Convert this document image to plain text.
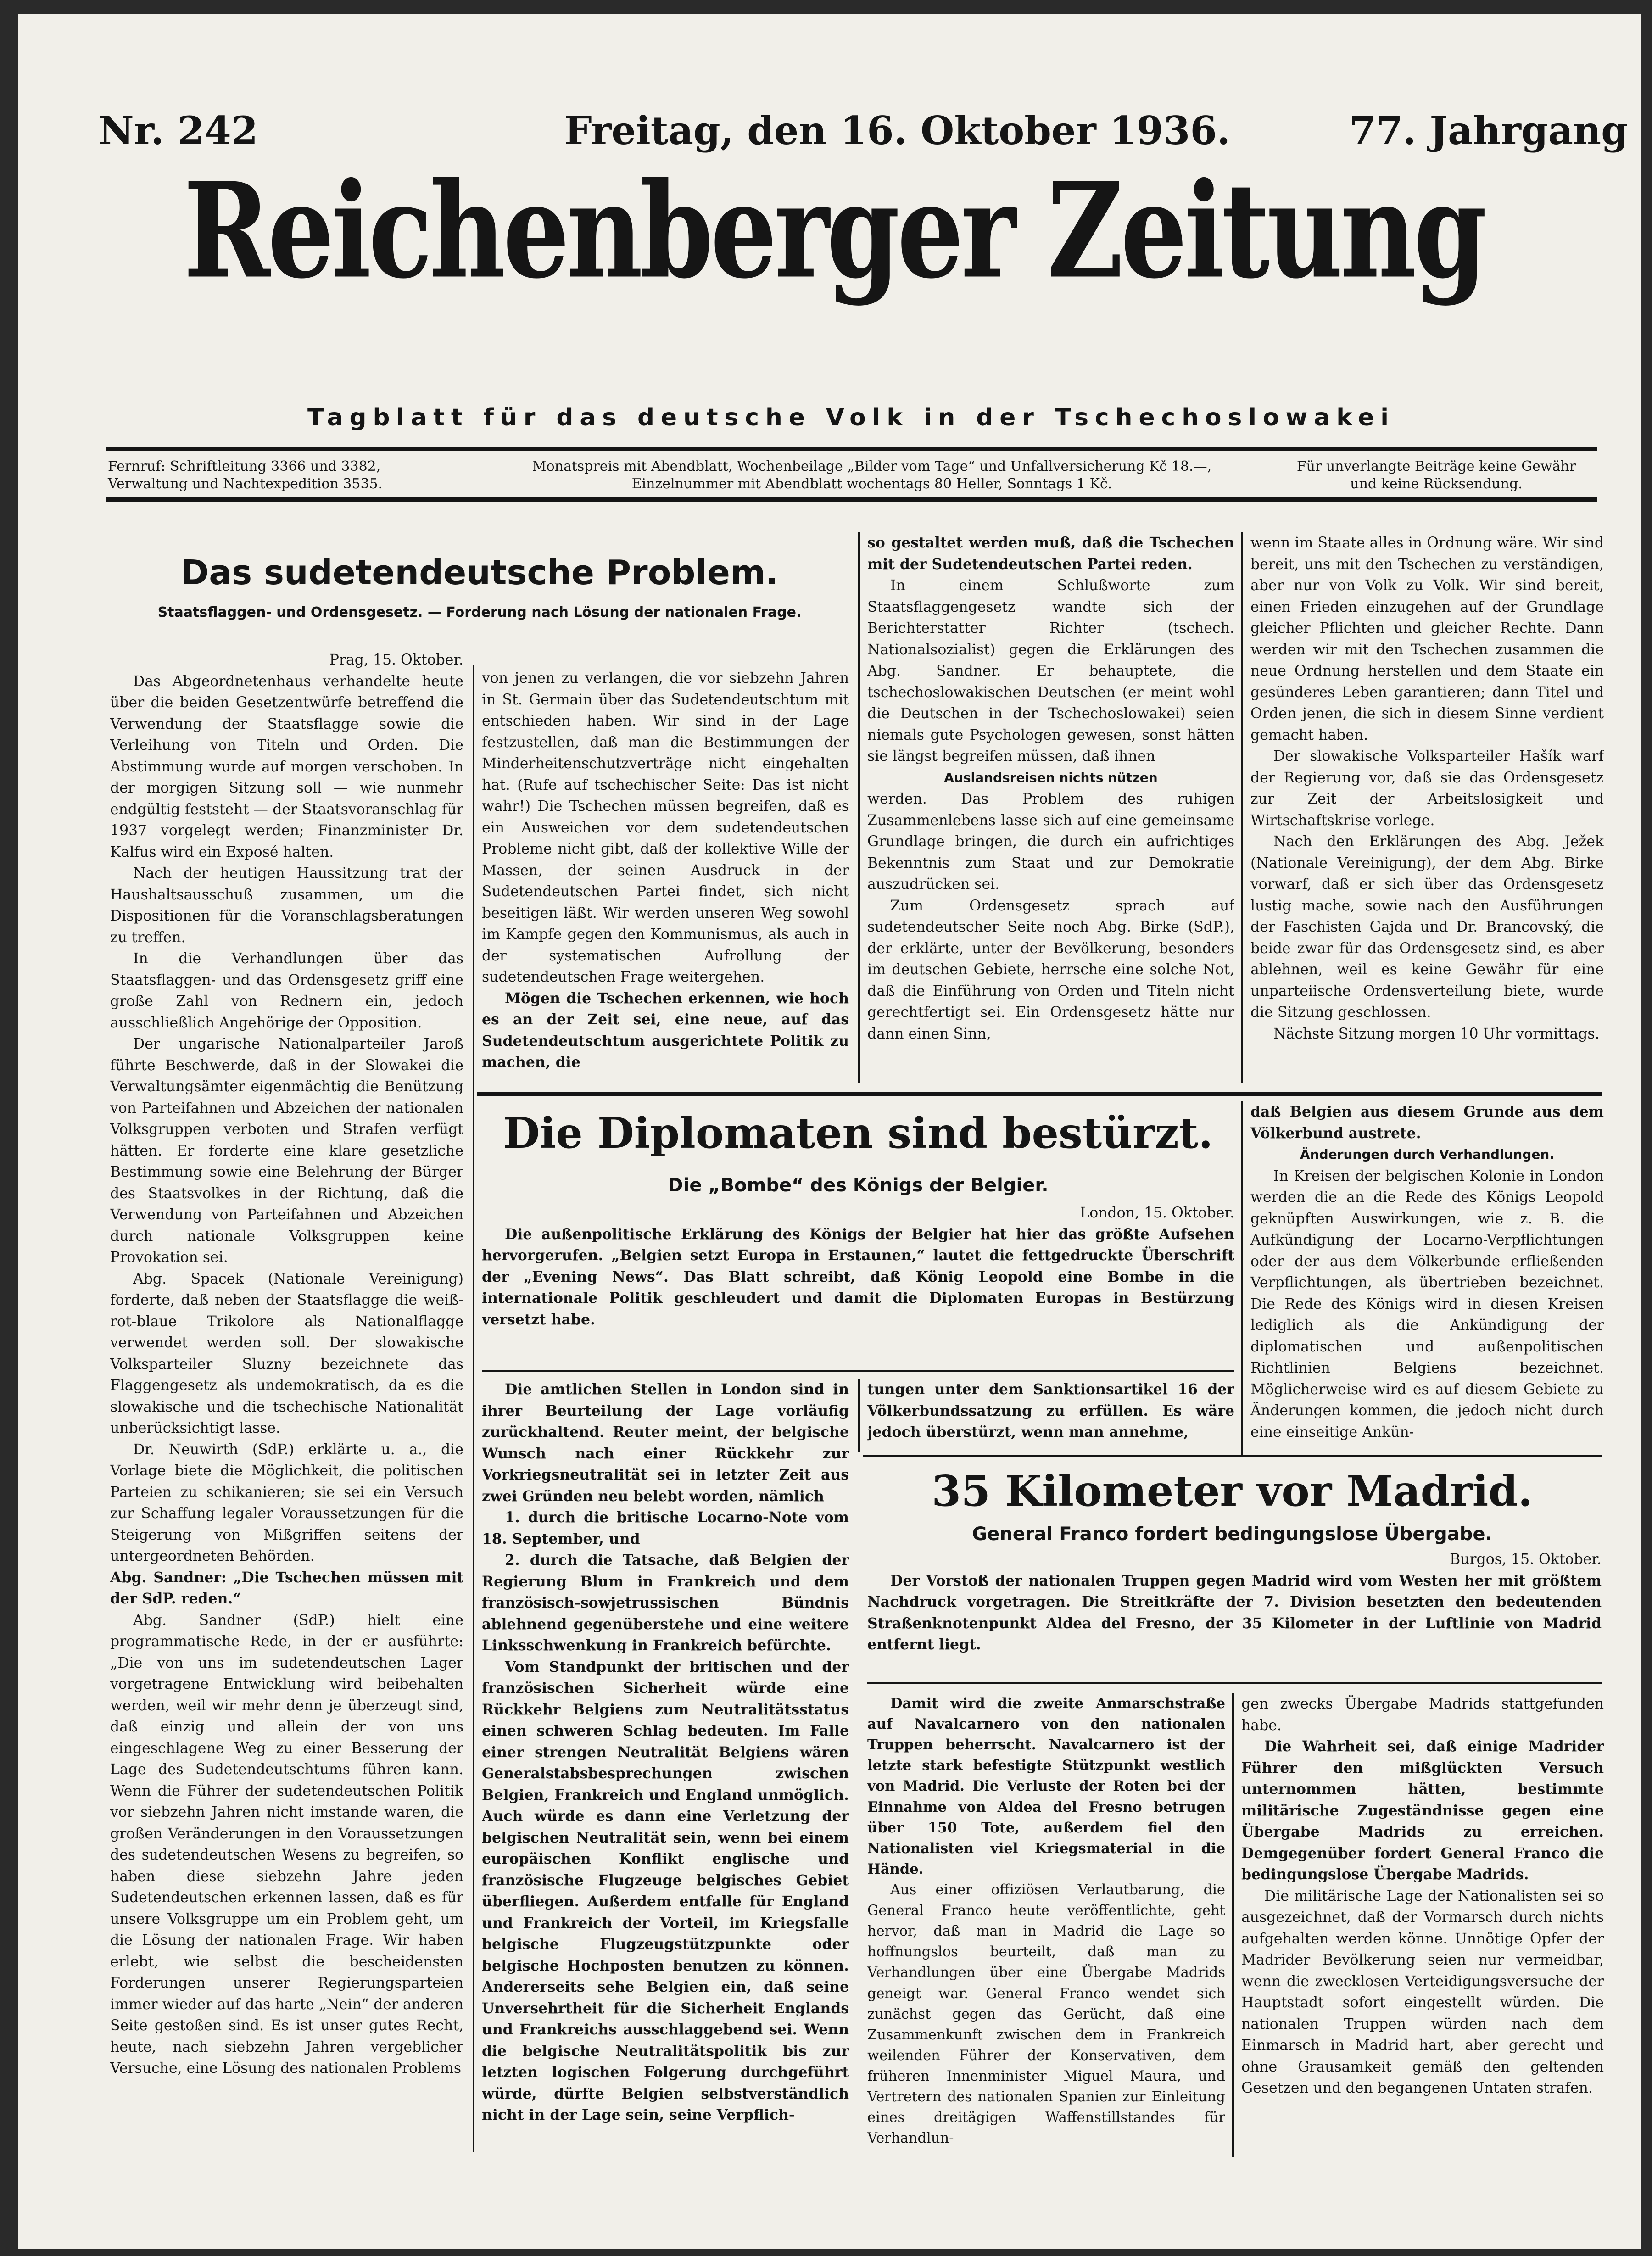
Nr. 242	Freitag, den 16. Oktober 1936.	77. Jahrgang
Reichenberger Zeitung
Tagblatt für das deutsche Volk in der Tschechoslowakei
Fernruf: Schriftleitung 3366 und 3382,
Verwaltung und Nachtexpedition 3535.
Monatspreis mit Abendblatt, Wochenbeilage „Bilder vom Tage“ und Unfallversicherung Kč 18.—,
Einzelnummer mit Abendblatt wochentags 80 Heller, Sonntags 1 Kč.
Für unverlangte Beiträge keine Gewähr
und keine Rücksendung.
Das sudetendeutsche Problem.
Staatsflaggen- und Ordensgesetz. — Forderung nach Lösung der nationalen Frage.

Prag, 15. Oktober.

Das Abgeordnetenhaus verhandelte heute über die beiden Gesetzentwürfe betreffend die Verwendung der Staatsflagge sowie die Verleihung von Titeln und Orden. Die Abstimmung wurde auf morgen verschoben. In der morgigen Sitzung soll — wie nunmehr endgültig feststeht — der Staatsvoranschlag für 1937 vorgelegt werden; Finanzminister Dr. Kalfus wird ein Exposé halten.

Nach der heutigen Haussitzung trat der Haushaltsausschuß zusammen, um die Dispositionen für die Voranschlagsberatungen zu treffen.

In die Verhandlungen über das Staatsflaggen- und das Ordensgesetz griff eine große Zahl von Rednern ein, jedoch ausschließlich Angehörige der Opposition.

Der ungarische Nationalparteiler Jaroß führte Beschwerde, daß in der Slowakei die Verwaltungsämter eigenmächtig die Benützung von Parteifahnen und Abzeichen der nationalen Volksgruppen verboten und Strafen verfügt hätten. Er forderte eine klare gesetzliche Bestimmung sowie eine Belehrung der Bürger des Staatsvolkes in der Richtung, daß die Verwendung von Parteifahnen und Abzeichen durch nationale Volksgruppen keine Provokation sei.

Abg. Spacek (Nationale Vereinigung) forderte, daß neben der Staatsflagge die weiß-rot-blaue Trikolore als Nationalflagge verwendet werden soll. Der slowakische Volksparteiler Sluzny bezeichnete das Flaggengesetz als undemokratisch, da es die slowakische und die tschechische Nationalität unberücksichtigt lasse.

Dr. Neuwirth (SdP.) erklärte u. a., die Vorlage biete die Möglichkeit, die politischen Parteien zu schikanieren; sie sei ein Versuch zur Schaffung legaler Voraussetzungen für die Steigerung von Mißgriffen seitens der untergeordneten Behörden.

Abg. Sandner: „Die Tschechen müssen mit der SdP. reden.“

Abg. Sandner (SdP.) hielt eine programmatische Rede, in der er ausführte: „Die von uns im sudetendeutschen Lager vorgetragene Entwicklung wird beibehalten werden, weil wir mehr denn je überzeugt sind, daß einzig und allein der von uns eingeschlagene Weg zu einer Besserung der Lage des Sudetendeutschtums führen kann. Wenn die Führer der sudetendeutschen Politik vor siebzehn Jahren nicht imstande waren, die großen Veränderungen in den Voraussetzungen des sudetendeutschen Wesens zu begreifen, so haben diese siebzehn Jahre jeden Sudetendeutschen erkennen lassen, daß es für unsere Volksgruppe um ein Problem geht, um die Lösung der nationalen Frage. Wir haben erlebt, wie selbst die bescheidensten Forderungen unserer Regierungsparteien immer wieder auf das harte „Nein“ der anderen Seite gestoßen sind. Es ist unser gutes Recht, heute, nach siebzehn Jahren vergeblicher Versuche, eine Lösung des nationalen Problems

von jenen zu verlangen, die vor siebzehn Jahren in St. Germain über das Sudetendeutschtum mit entschieden haben. Wir sind in der Lage festzustellen, daß man die Bestimmungen der Minderheitenschutzverträge nicht eingehalten hat. (Rufe auf tschechischer Seite: Das ist nicht wahr!) Die Tschechen müssen begreifen, daß es ein Ausweichen vor dem sudetendeutschen Probleme nicht gibt, daß der kollektive Wille der Massen, der seinen Ausdruck in der Sudetendeutschen Partei findet, sich nicht beseitigen läßt. Wir werden unseren Weg sowohl im Kampfe gegen den Kommunismus, als auch in der systematischen Aufrollung der sudetendeutschen Frage weitergehen.

Mögen die Tschechen erkennen, wie hoch es an der Zeit sei, eine neue, auf das Sudetendeutschtum ausgerichtete Politik zu machen, die

so gestaltet werden muß, daß die Tschechen mit der Sudetendeutschen Partei reden.

In einem Schlußworte zum Staatsflaggengesetz wandte sich der Berichterstatter Richter (tschech. Nationalsozialist) gegen die Erklärungen des Abg. Sandner. Er behauptete, die tschechoslowakischen Deutschen (er meint wohl die Deutschen in der Tschechoslowakei) seien niemals gute Psychologen gewesen, sonst hätten sie längst begreifen müssen, daß ihnen

Auslandsreisen nichts nützen

werden. Das Problem des ruhigen Zusammenlebens lasse sich auf eine gemeinsame Grundlage bringen, die durch ein aufrichtiges Bekenntnis zum Staat und zur Demokratie auszudrücken sei.

Zum Ordensgesetz sprach auf sudetendeutscher Seite noch Abg. Birke (SdP.), der erklärte, unter der Bevölkerung, besonders im deutschen Gebiete, herrsche eine solche Not, daß die Einführung von Orden und Titeln nicht gerechtfertigt sei. Ein Ordensgesetz hätte nur dann einen Sinn,

wenn im Staate alles in Ordnung wäre. Wir sind bereit, uns mit den Tschechen zu verständigen, aber nur von Volk zu Volk. Wir sind bereit, einen Frieden einzugehen auf der Grundlage gleicher Pflichten und gleicher Rechte. Dann werden wir mit den Tschechen zusammen die neue Ordnung herstellen und dem Staate ein gesünderes Leben garantieren; dann Titel und Orden jenen, die sich in diesem Sinne verdient gemacht haben.

Der slowakische Volksparteiler Hašík warf der Regierung vor, daß sie das Ordensgesetz zur Zeit der Arbeitslosigkeit und Wirtschaftskrise vorlege.

Nach den Erklärungen des Abg. Ježek (Nationale Vereinigung), der dem Abg. Birke vorwarf, daß er sich über das Ordensgesetz lustig mache, sowie nach den Ausführungen der Faschisten Gajda und Dr. Brancovský, die beide zwar für das Ordensgesetz sind, es aber ablehnen, weil es keine Gewähr für eine unparteiische Ordensverteilung biete, wurde die Sitzung geschlossen.

Nächste Sitzung morgen 10 Uhr vormittags.

Die Diplomaten sind bestürzt.
Die „Bombe“ des Königs der Belgier.

London, 15. Oktober.

Die außenpolitische Erklärung des Königs der Belgier hat hier das größte Aufsehen hervorgerufen. „Belgien setzt Europa in Erstaunen,“ lautet die fettgedruckte Überschrift der „Evening News“. Das Blatt schreibt, daß König Leopold eine Bombe in die internationale Politik geschleudert und damit die Diplomaten Europas in Bestürzung versetzt habe.

Die amtlichen Stellen in London sind in ihrer Beurteilung der Lage vorläufig zurückhaltend. Reuter meint, der belgische Wunsch nach einer Rückkehr zur Vorkriegsneutralität sei in letzter Zeit aus zwei Gründen neu belebt worden, nämlich

1. durch die britische Locarno-Note vom 18. September, und

2. durch die Tatsache, daß Belgien der Regierung Blum in Frankreich und dem französisch-sowjetrussischen Bündnis ablehnend gegenüberstehe und eine weitere Linksschwenkung in Frankreich befürchte.

Vom Standpunkt der britischen und der französischen Sicherheit würde eine Rückkehr Belgiens zum Neutralitätsstatus einen schweren Schlag bedeuten. Im Falle einer strengen Neutralität Belgiens wären Generalstabsbesprechungen zwischen Belgien, Frankreich und England unmöglich. Auch würde es dann eine Verletzung der belgischen Neutralität sein, wenn bei einem europäischen Konflikt englische und französische Flugzeuge belgisches Gebiet überfliegen. Außerdem entfalle für England und Frankreich der Vorteil, im Kriegsfalle belgische Flugzeugstützpunkte oder belgische Hochposten benutzen zu können. Andererseits sehe Belgien ein, daß seine Unversehrtheit für die Sicherheit Englands und Frankreichs ausschlaggebend sei. Wenn die belgische Neutralitätspolitik bis zur letzten logischen Folgerung durchgeführt würde, dürfte Belgien selbstverständlich nicht in der Lage sein, seine Verpflich-

tungen unter dem Sanktionsartikel 16 der Völkerbundssatzung zu erfüllen. Es wäre jedoch überstürzt, wenn man annehme,

daß Belgien aus diesem Grunde aus dem Völkerbund austrete.

Änderungen durch Verhandlungen.

In Kreisen der belgischen Kolonie in London werden die an die Rede des Königs Leopold geknüpften Auswirkungen, wie z. B. die Aufkündigung der Locarno-Verpflichtungen oder der aus dem Völkerbunde erfließenden Verpflichtungen, als übertrieben bezeichnet. Die Rede des Königs wird in diesen Kreisen lediglich als die Ankündigung der diplomatischen und außenpolitischen Richtlinien Belgiens bezeichnet. Möglicherweise wird es auf diesem Gebiete zu Änderungen kommen, die jedoch nicht durch eine einseitige Ankün-

35 Kilometer vor Madrid.
General Franco fordert bedingungslose Übergabe.

Burgos, 15. Oktober.

Der Vorstoß der nationalen Truppen gegen Madrid wird vom Westen her mit größtem Nachdruck vorgetragen. Die Streitkräfte der 7. Division besetzten den bedeutenden Straßenknotenpunkt Aldea del Fresno, der 35 Kilometer in der Luftlinie von Madrid entfernt liegt.

Damit wird die zweite Anmarschstraße auf Navalcarnero von den nationalen Truppen beherrscht. Navalcarnero ist der letzte stark befestigte Stützpunkt westlich von Madrid. Die Verluste der Roten bei der Einnahme von Aldea del Fresno betrugen über 150 Tote, außerdem fiel den Nationalisten viel Kriegsmaterial in die Hände.

Aus einer offiziösen Verlautbarung, die General Franco heute veröffentlichte, geht hervor, daß man in Madrid die Lage so hoffnungslos beurteilt, daß man zu Verhandlungen über eine Übergabe Madrids geneigt war. General Franco wendet sich zunächst gegen das Gerücht, daß eine Zusammenkunft zwischen dem in Frankreich weilenden Führer der Konservativen, dem früheren Innenminister Miguel Maura, und Vertretern des nationalen Spanien zur Einleitung eines dreitägigen Waffenstillstandes für Verhandlun-

gen zwecks Übergabe Madrids stattgefunden habe.

Die Wahrheit sei, daß einige Madrider Führer den mißglückten Versuch unternommen hätten, bestimmte militärische Zugeständnisse gegen eine Übergabe Madrids zu erreichen. Demgegenüber fordert General Franco die bedingungslose Übergabe Madrids.

Die militärische Lage der Nationalisten sei so ausgezeichnet, daß der Vormarsch durch nichts aufgehalten werden könne. Unnötige Opfer der Madrider Bevölkerung seien nur vermeidbar, wenn die zwecklosen Verteidigungsversuche der Hauptstadt sofort eingestellt würden. Die nationalen Truppen würden nach dem Einmarsch in Madrid hart, aber gerecht und ohne Grausamkeit gemäß den geltenden Gesetzen und den begangenen Untaten strafen.
